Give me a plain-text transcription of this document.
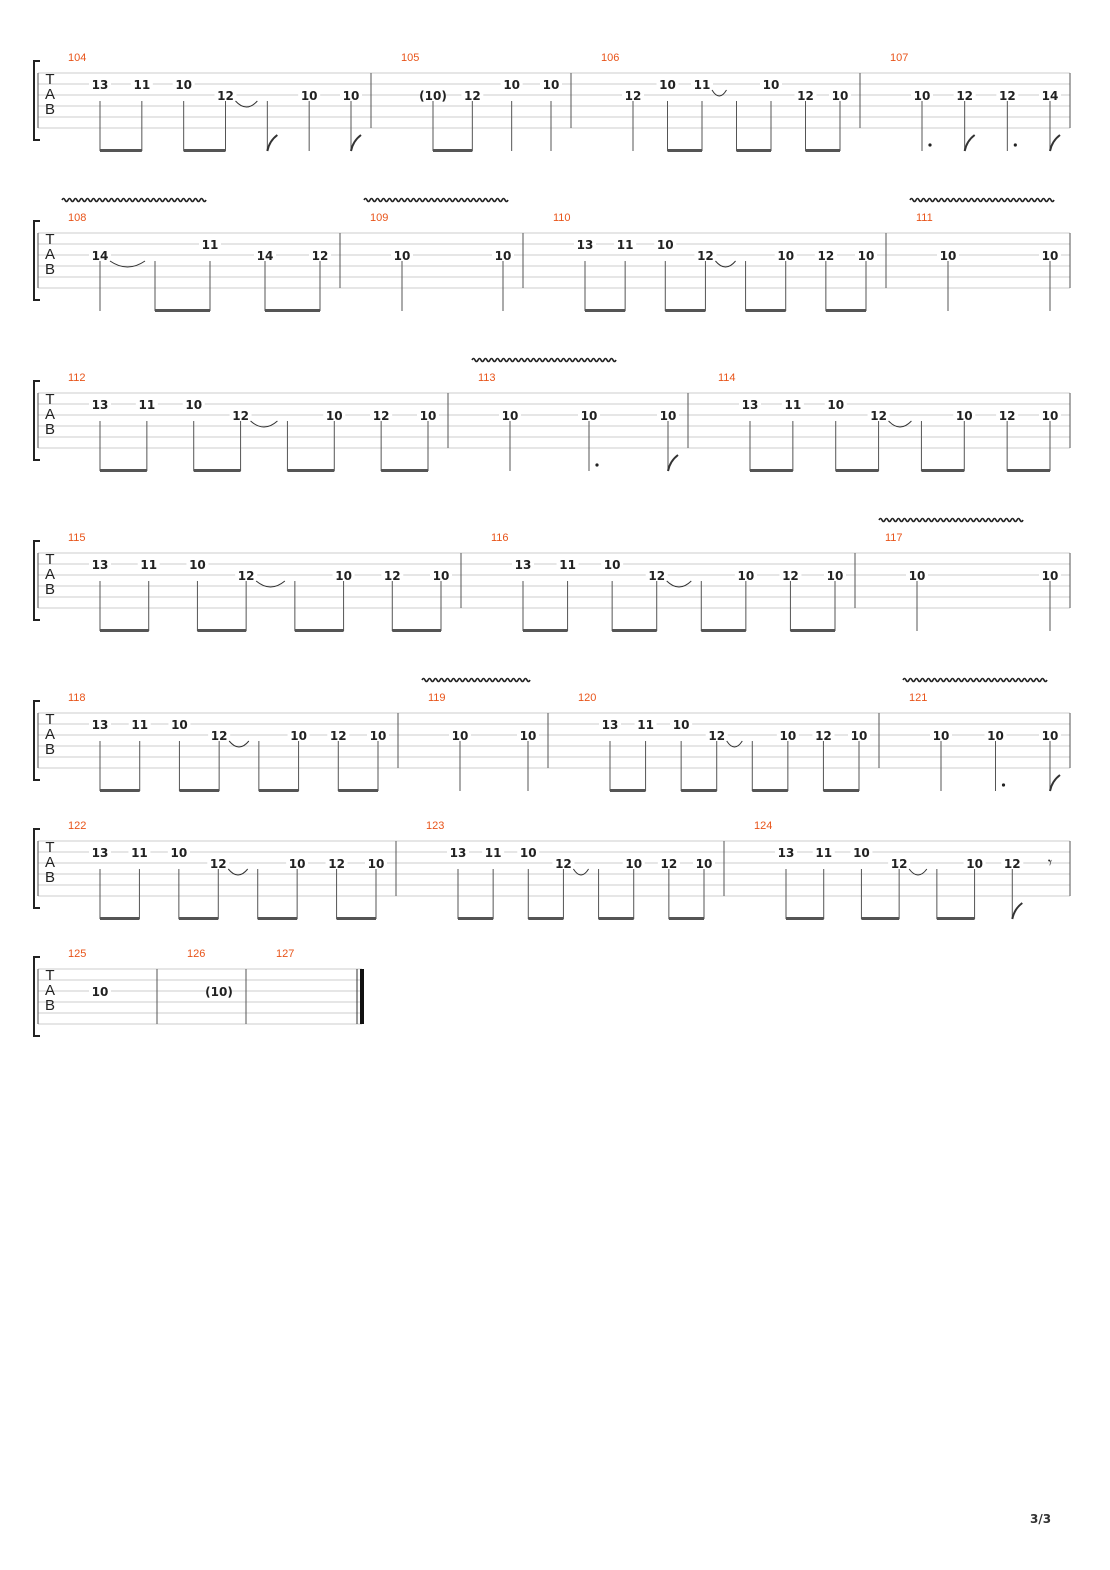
T
A
B
104
13 11 10
12	10 10
105
(10) 12
10 10
106
12
10 11	10
12 10
107
10 12 12 14
T
A
B
108
14
11
14	12
109
10	10
110
13 11 10
12	10 12 10
111
10	10
T
A
B
112
13	11	10
12	10	12	10
113
10	10	10
114
13 11 10
12	10 12 10
T
A
B
115
13	11	10
12	10	12	10
116
13 11 10
12	10 12 10
117
10	10
T
A
B
118
13 11 10
12	10 12 10
119
10	10
120
13 11 10
12	10 12 10
121
10	10	10
T
A
B
122
13 11 10
12	10 12 10
123
13 11 10
12	10 12 10
124
13 11 10
12	10 12 𝄾
T
A
B
125
10
126
(10)
127
3/3
